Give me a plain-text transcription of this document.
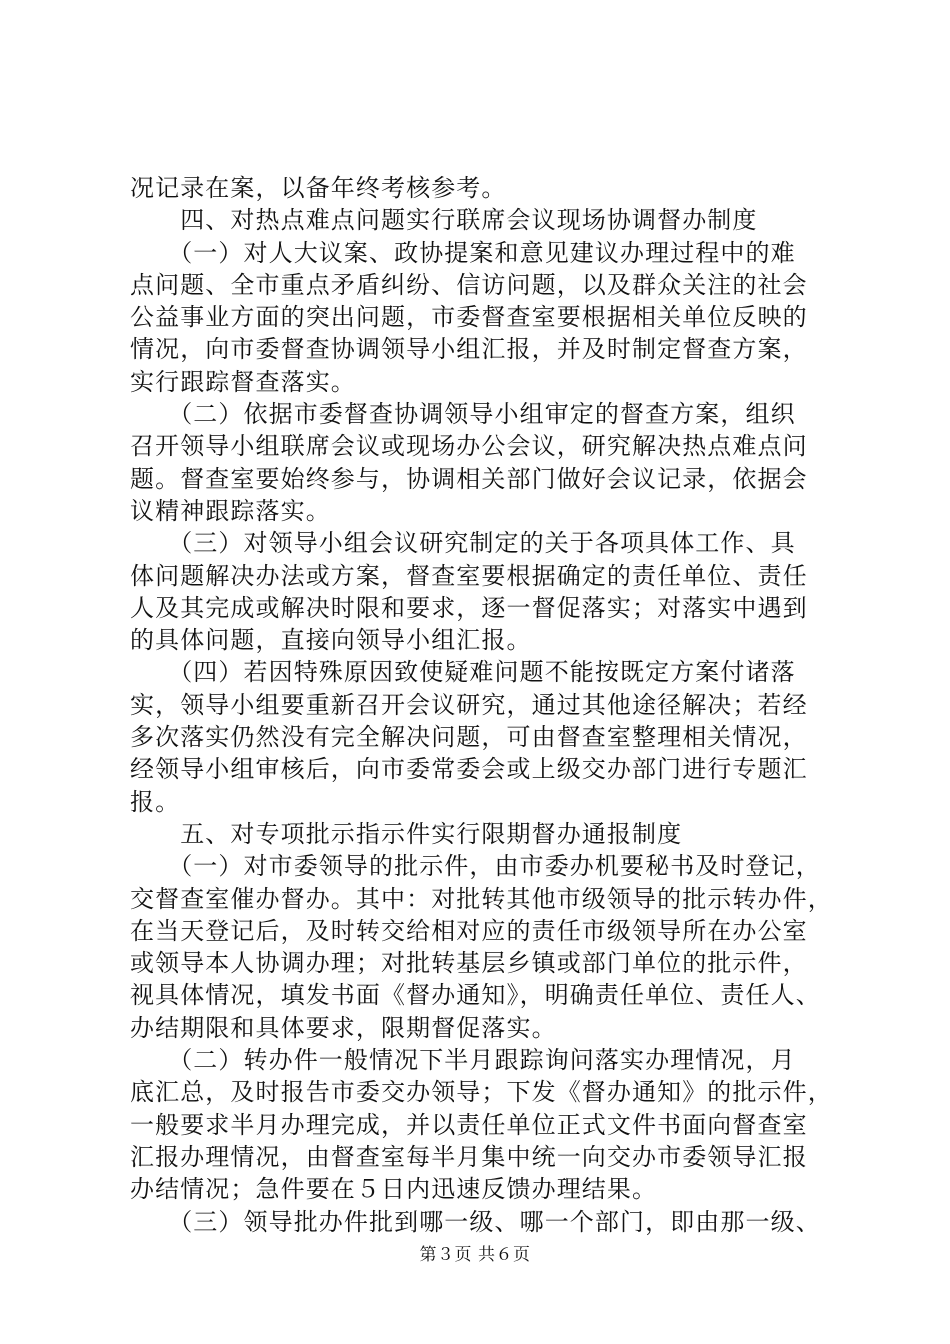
况记录在案，以备年终考核参考。
　　四、对热点难点问题实行联席会议现场协调督办制度
　　（一）对人大议案、政协提案和意见建议办理过程中的难
点问题、全市重点矛盾纠纷、信访问题，以及群众关注的社会
公益事业方面的突出问题，市委督查室要根据相关单位反映的
情况，向市委督查协调领导小组汇报，并及时制定督查方案，
实行跟踪督查落实。
　　（二）依据市委督查协调领导小组审定的督查方案，组织
召开领导小组联席会议或现场办公会议，研究解决热点难点问
题。督查室要始终参与，协调相关部门做好会议记录，依据会
议精神跟踪落实。
　　（三）对领导小组会议研究制定的关于各项具体工作、具
体问题解决办法或方案，督查室要根据确定的责任单位、责任
人及其完成或解决时限和要求，逐一督促落实；对落实中遇到
的具体问题，直接向领导小组汇报。
　　（四）若因特殊原因致使疑难问题不能按既定方案付诸落
实，领导小组要重新召开会议研究，通过其他途径解决；若经
多次落实仍然没有完全解决问题，可由督查室整理相关情况，
经领导小组审核后，向市委常委会或上级交办部门进行专题汇
报。
　　五、对专项批示指示件实行限期督办通报制度
　　（一）对市委领导的批示件，由市委办机要秘书及时登记，
交督查室催办督办。其中：对批转其他市级领导的批示转办件，
在当天登记后，及时转交给相对应的责任市级领导所在办公室
或领导本人协调办理；对批转基层乡镇或部门单位的批示件，
视具体情况，填发书面《督办通知》，明确责任单位、责任人、
办结期限和具体要求，限期督促落实。
　　（二）转办件一般情况下半月跟踪询问落实办理情况，月
底汇总，及时报告市委交办领导；下发《督办通知》的批示件，
一般要求半月办理完成，并以责任单位正式文件书面向督查室
汇报办理情况，由督查室每半月集中统一向交办市委领导汇报
办结情况；急件要在５日内迅速反馈办理结果。
　　（三）领导批办件批到哪一级、哪一个部门，即由那一级、
第３页 共６页
